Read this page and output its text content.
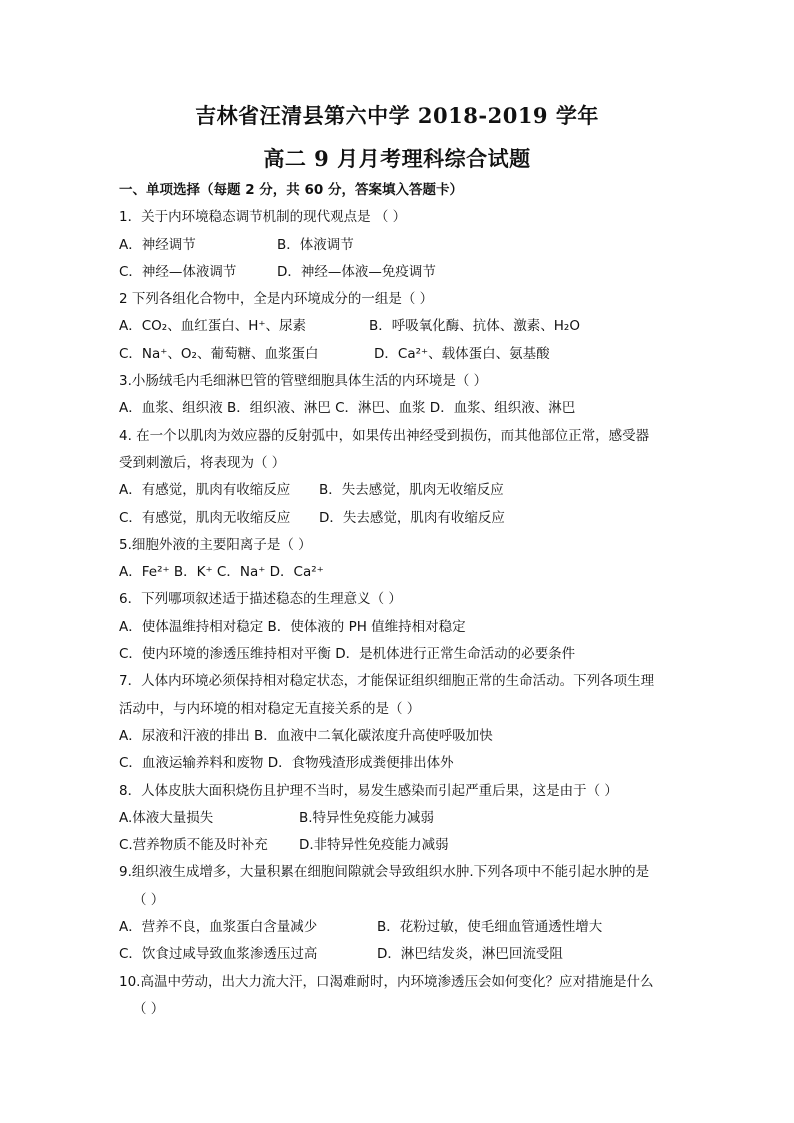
吉林省汪清县第六中学 2018-2019 学年
高二 9 月月考理科综合试题
一、单项选择（每题 2 分，共 60 分，答案填入答题卡）
1．关于内环境稳态调节机制的现代观点是 （ ）
A．神经调节	B．体液调节
C．神经—体液调节	D．神经—体液—免疫调节
2 下列各组化合物中，全是内环境成分的一组是（ ）
A．CO₂、血红蛋白、H⁺、尿素	B．呼吸氧化酶、抗体、激素、H₂O
C．Na⁺、O₂、葡萄糖、血浆蛋白	D．Ca²⁺、载体蛋白、氨基酸
3.小肠绒毛内毛细淋巴管的管壁细胞具体生活的内环境是（ ）
A．血浆、组织液 B．组织液、淋巴 C．淋巴、血浆 D．血浆、组织液、淋巴
4. 在一个以肌肉为效应器的反射弧中，如果传出神经受到损伤，而其他部位正常，感受器
受到刺激后，将表现为（ ）
A．有感觉，肌肉有收缩反应 B．失去感觉，肌肉无收缩反应
C．有感觉，肌肉无收缩反应 D．失去感觉，肌肉有收缩反应
5.细胞外液的主要阳离子是（ ）
A．Fe²⁺ B．K⁺ C．Na⁺ D．Ca²⁺
6．下列哪项叙述适于描述稳态的生理意义（ ）
A．使体温维持相对稳定 B．使体液的 PH 值维持相对稳定
C．使内环境的渗透压维持相对平衡 D．是机体进行正常生命活动的必要条件
7．人体内环境必须保持相对稳定状态，才能保证组织细胞正常的生命活动。下列各项生理
活动中，与内环境的相对稳定无直接关系的是（ ）
A．尿液和汗液的排出 B．血液中二氧化碳浓度升高使呼吸加快
C．血液运输养料和废物 D．食物残渣形成粪便排出体外
8．人体皮肤大面积烧伤且护理不当时，易发生感染而引起严重后果，这是由于（ ）
A.体液大量损失	B.特异性免疫能力减弱
C.营养物质不能及时补充 D.非特异性免疫能力减弱
9.组织液生成增多，大量积累在细胞间隙就会导致组织水肿.下列各项中不能引起水肿的是
（ ）
A．营养不良，血浆蛋白含量减少	B．花粉过敏，使毛细血管通透性增大
C．饮食过咸导致血浆渗透压过高	D．淋巴结发炎，淋巴回流受阻
10.高温中劳动，出大力流大汗，口渴难耐时，内环境渗透压会如何变化？应对措施是什么
（ ）
